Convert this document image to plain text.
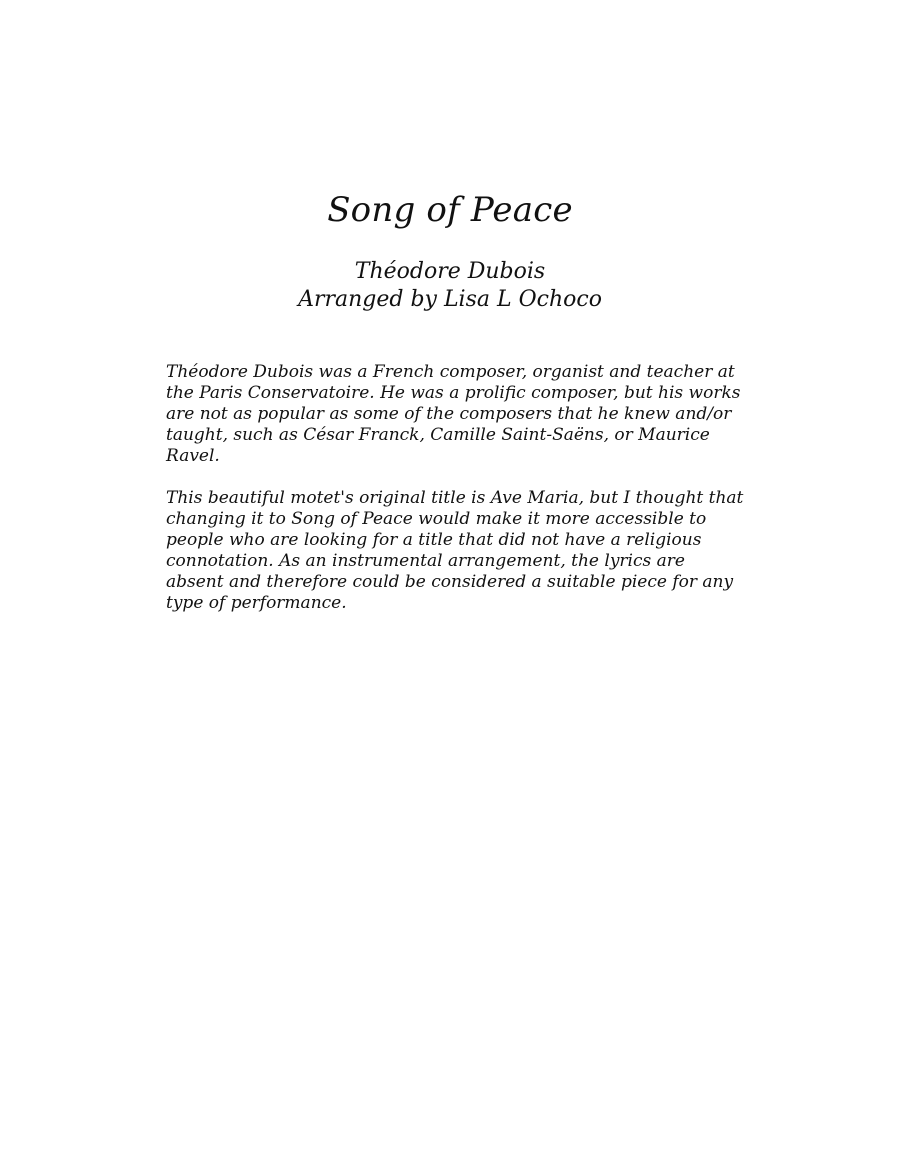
Song of Peace
Théodore Dubois
Arranged by Lisa L Ochoco

Théodore Dubois was a French composer, organist and teacher at the Paris Conservatoire. He was a prolific composer, but his works are not as popular as some of the composers that he knew and/or taught, such as César Franck, Camille Saint-Saëns, or Maurice Ravel.

This beautiful motet's original title is Ave Maria, but I thought that changing it to Song of Peace would make it more accessible to people who are looking for a title that did not have a religious connotation. As an instrumental arrangement, the lyrics are absent and therefore could be considered a suitable piece for any type of performance.
